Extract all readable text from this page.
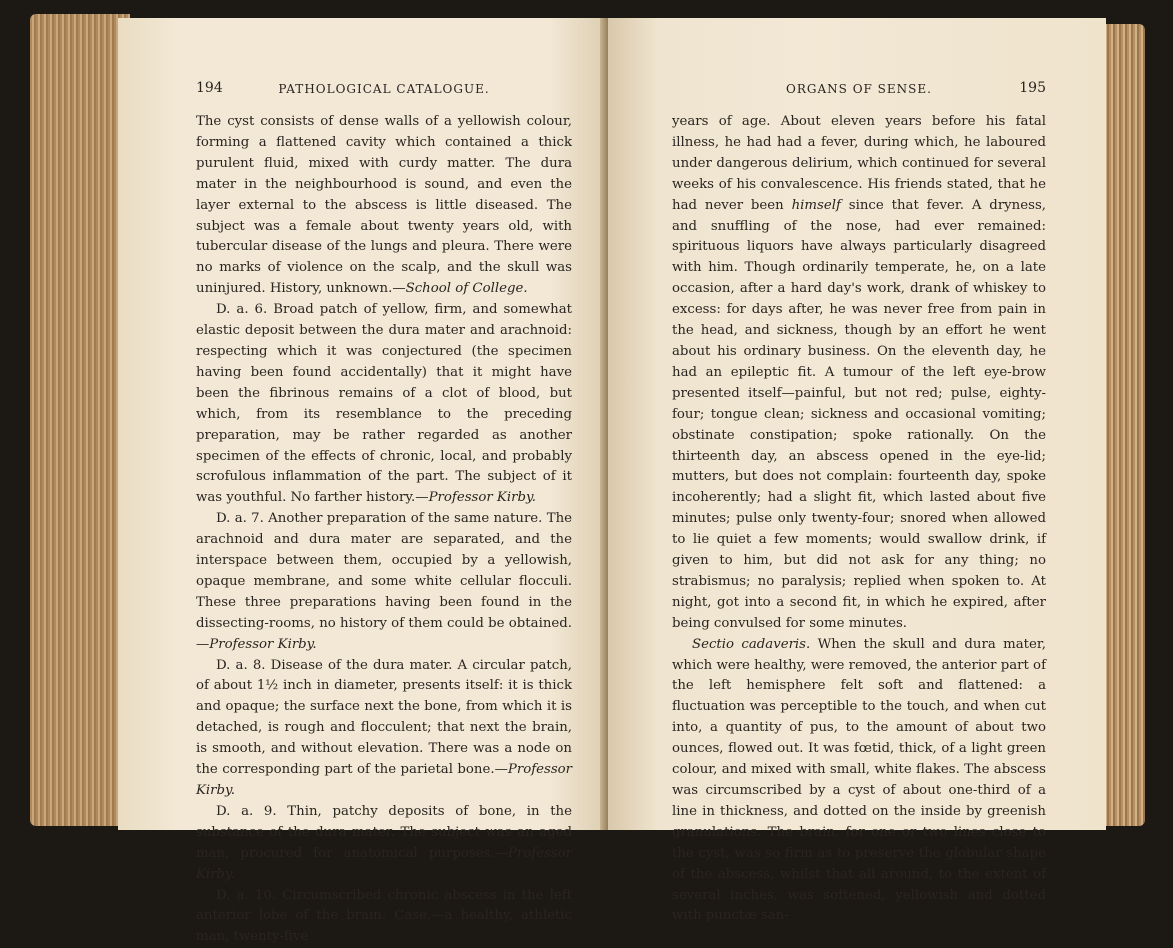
194	PATHOLOGICAL CATALOGUE.

The cyst consists of dense walls of a yellowish colour, forming a flattened cavity which contained a thick purulent fluid, mixed with curdy matter. The dura mater in the neighbourhood is sound, and even the layer external to the abscess is little diseased. The subject was a female about twenty years old, with tubercular disease of the lungs and pleura. There were no marks of violence on the scalp, and the skull was uninjured. History, unknown.—School of College.

D. a. 6. Broad patch of yellow, firm, and somewhat elastic deposit between the dura mater and arachnoid: respecting which it was conjectured (the specimen having been found accidentally) that it might have been the fibrinous remains of a clot of blood, but which, from its resemblance to the preceding preparation, may be rather regarded as another specimen of the effects of chronic, local, and probably scrofulous inflammation of the part. The subject of it was youthful. No farther history.—Professor Kirby.

D. a. 7. Another preparation of the same nature. The arachnoid and dura mater are separated, and the interspace between them, occupied by a yellowish, opaque membrane, and some white cellular flocculi. These three preparations having been found in the dissecting-rooms, no history of them could be obtained.—Professor Kirby.

D. a. 8. Disease of the dura mater. A circular patch, of about 1½ inch in diameter, presents itself: it is thick and opaque; the surface next the bone, from which it is detached, is rough and flocculent; that next the brain, is smooth, and without elevation. There was a node on the corresponding part of the parietal bone.—Professor Kirby.

D. a. 9. Thin, patchy deposits of bone, in the substance of the dura mater. The subject was an aged man, procured for anatomical purposes.—Professor Kirby.

D. a. 10. Circumscribed chronic abscess in the left anterior lobe of the brain. Case,—a healthy, athletic man, twenty-five

ORGANS OF SENSE.	195

years of age. About eleven years before his fatal illness, he had had a fever, during which, he laboured under dangerous delirium, which continued for several weeks of his convalescence. His friends stated, that he had never been himself since that fever. A dryness, and snuffling of the nose, had ever remained: spirituous liquors have always particularly disagreed with him. Though ordinarily temperate, he, on a late occasion, after a hard day's work, drank of whiskey to excess: for days after, he was never free from pain in the head, and sickness, though by an effort he went about his ordinary business. On the eleventh day, he had an epileptic fit. A tumour of the left eye-brow presented itself—painful, but not red; pulse, eighty-four; tongue clean; sickness and occasional vomiting; obstinate constipation; spoke rationally. On the thirteenth day, an abscess opened in the eye-lid; mutters, but does not complain: fourteenth day, spoke incoherently; had a slight fit, which lasted about five minutes; pulse only twenty-four; snored when allowed to lie quiet a few moments; would swallow drink, if given to him, but did not ask for any thing; no strabismus; no paralysis; replied when spoken to. At night, got into a second fit, in which he expired, after being convulsed for some minutes.

Sectio cadaveris. When the skull and dura mater, which were healthy, were removed, the anterior part of the left hemisphere felt soft and flattened: a fluctuation was perceptible to the touch, and when cut into, a quantity of pus, to the amount of about two ounces, flowed out. It was fœtid, thick, of a light green colour, and mixed with small, white flakes. The abscess was circumscribed by a cyst of about one-third of a line in thickness, and dotted on the inside by greenish granulations. The brain, for one or two lines close to the cyst, was so firm as to preserve the globular shape of the abscess, whilst that all around, to the extent of several inches, was softened, yellowish and dotted with punctæ san-
